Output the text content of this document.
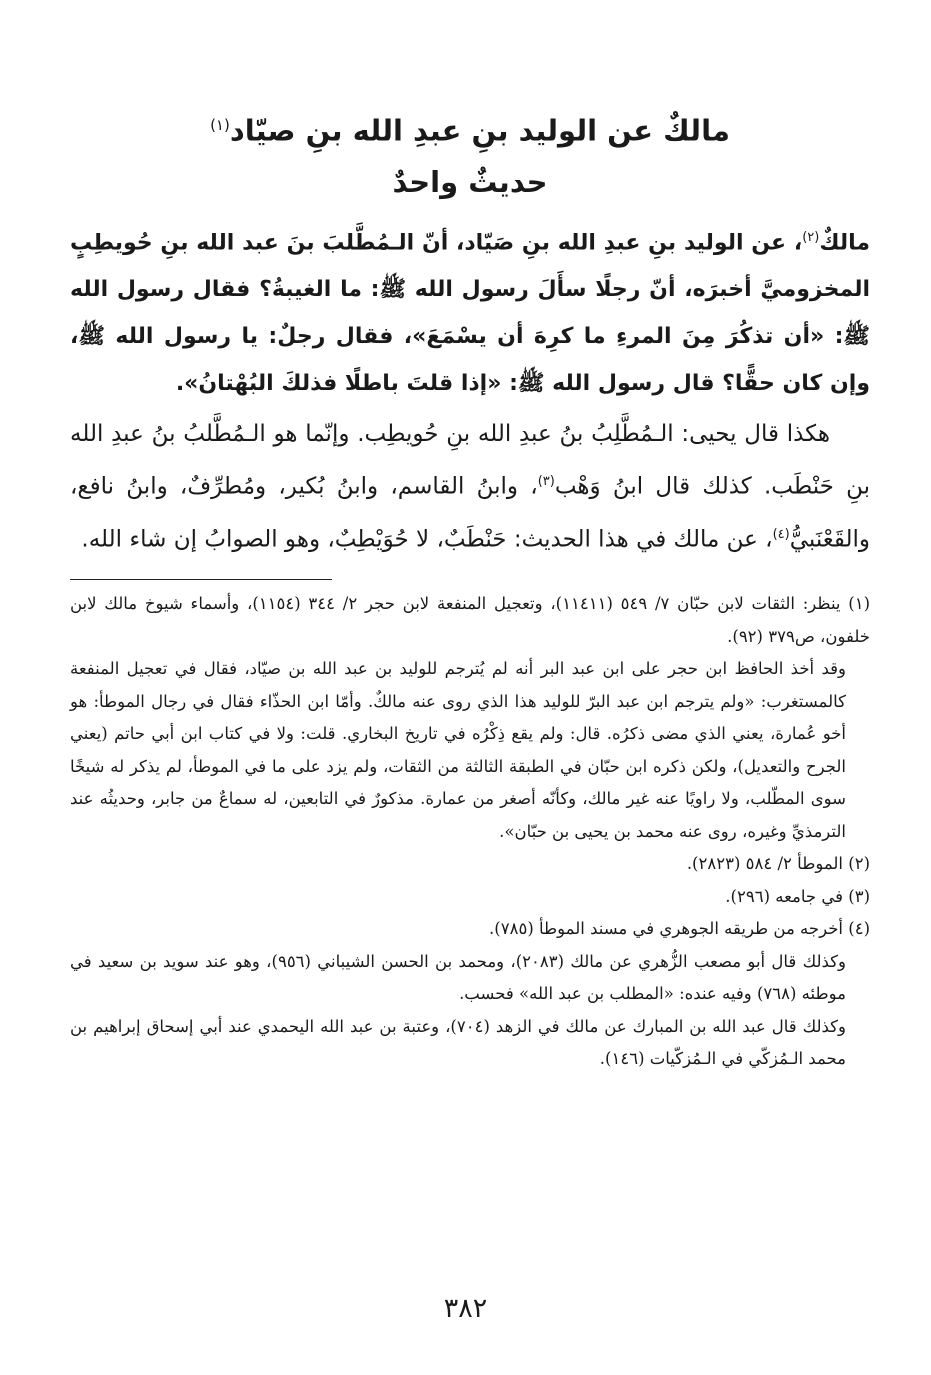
مالكٌ عن الوليد بنِ عبدِ الله بنِ صيّاد$^{(١)}$
حديثٌ واحدٌ

مالكٌ$^{(٢)}$، عن الوليد بنِ عبدِ الله بنِ صَيّاد، أنّ الـمُطَّلبَ بنَ عبد الله بنِ حُويطِبٍ المخزوميَّ أخبرَه، أنّ رجلًا سأَلَ رسول الله ﷺ: ما الغيبةُ؟ فقال رسول الله ﷺ: «أن تذكُرَ مِنَ المرءِ ما كرِهَ أن يسْمَعَ»، فقال رجلٌ: يا رسول الله ﷺ، وإن كان حقًّا؟ قال رسول الله ﷺ: «إذا قلتَ باطلًا فذلكَ البُهْتانُ».

هكذا قال يحيى: الـمُطَّلِبُ بنُ عبدِ الله بنِ حُويطِب. وإنّما هو الـمُطَّلبُ بنُ عبدِ الله بنِ حَنْطَب. كذلك قال ابنُ وَهْب$^{(٣)}$، وابنُ القاسم، وابنُ بُكير، ومُطرِّفٌ، وابنُ نافع، والقَعْنَبيُّ$^{(٤)}$، عن مالك في هذا الحديث: حَنْطَبٌ، لا حُوَيْطِبٌ، وهو الصوابُ إن شاء الله.

(١) ينظر: الثقات لابن حبّان ٧/ ٥٤٩ (١١٤١١)، وتعجيل المنفعة لابن حجر ٢/ ٣٤٤ (١١٥٤)، وأسماء شيوخ مالك لابن خلفون، ص٣٧٩ (٩٢).

وقد أخذ الحافظ ابن حجر على ابن عبد البر أنه لم يُترجم للوليد بن عبد الله بن صيّاد، فقال في تعجيل المنفعة كالمستغرب: «ولم يترجم ابن عبد البرّ للوليد هذا الذي روى عنه مالكٌ. وأمّا ابن الحذّاء فقال في رجال الموطأ: هو أخو عُمارة، يعني الذي مضى ذكرُه. قال: ولم يقع ذِكْرُه في تاريخ البخاري. قلت: ولا في كتاب ابن أبي حاتم (يعني الجرح والتعديل)، ولكن ذكره ابن حبّان في الطبقة الثالثة من الثقات، ولم يزد على ما في الموطأ، لم يذكر له شيخًا سوى المطّلب، ولا راويًا عنه غير مالك، وكأنّه أصغر من عمارة. مذكورٌ في التابعين، له سماعٌ من جابر، وحديثُه عند الترمذيِّ وغيره، روى عنه محمد بن يحيى بن حبّان».

(٢) الموطأ ٢/ ٥٨٤ (٢٨٢٣).

(٣) في جامعه (٢٩٦).

(٤) أخرجه من طريقه الجوهري في مسند الموطأ (٧٨٥).

وكذلك قال أبو مصعب الزُّهري عن مالك (٢٠٨٣)، ومحمد بن الحسن الشيباني (٩٥٦)، وهو عند سويد بن سعيد في موطئه (٧٦٨) وفيه عنده: «المطلب بن عبد الله» فحسب.

وكذلك قال عبد الله بن المبارك عن مالك في الزهد (٧٠٤)، وعتبة بن عبد الله اليحمدي عند أبي إسحاق إبراهيم بن محمد الـمُزكّي في الـمُزكّيات (١٤٦).

٣٨٢
